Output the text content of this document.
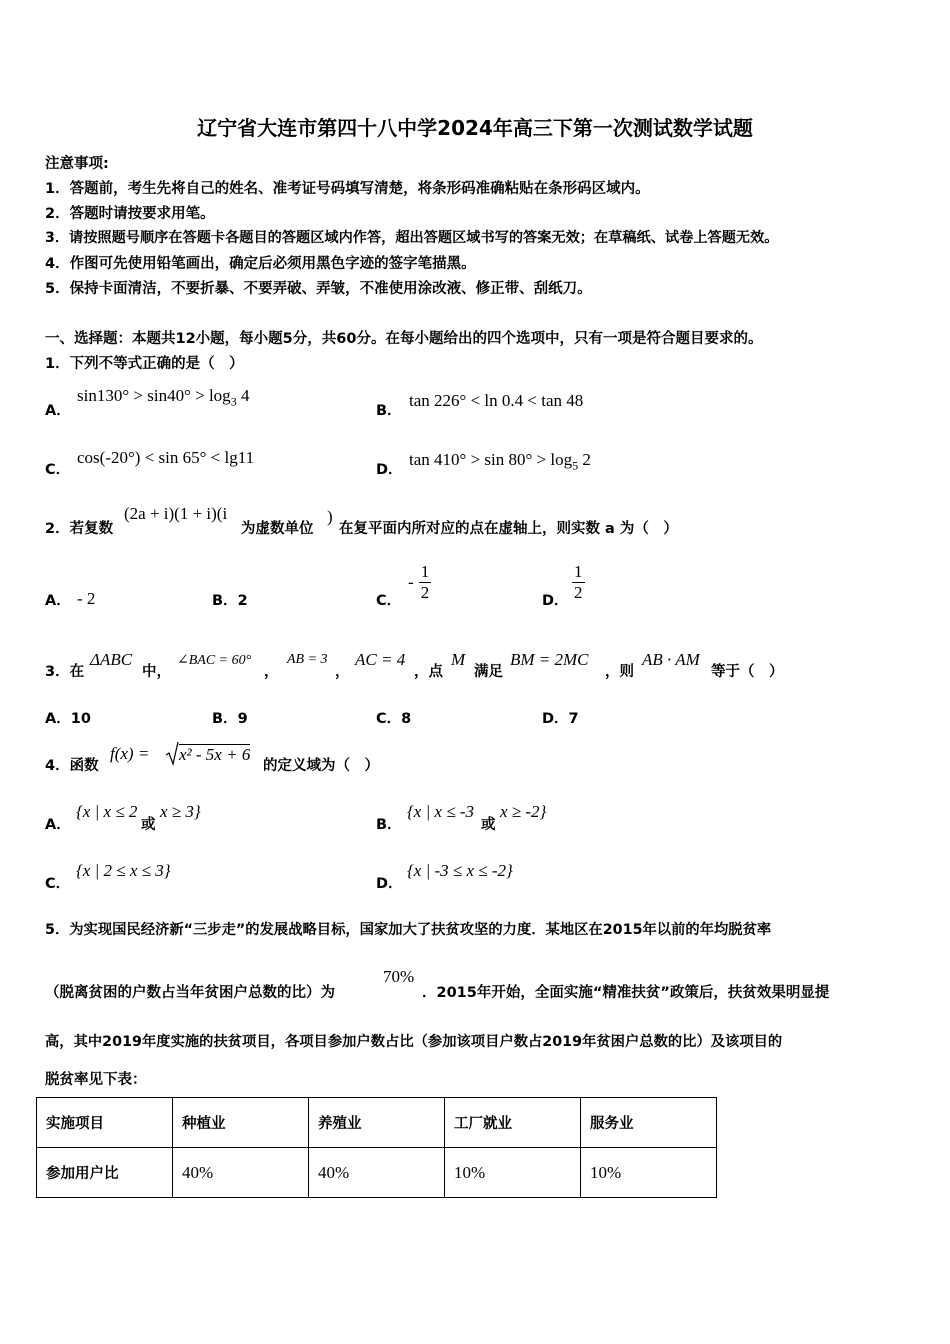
辽宁省大连市第四十八中学2024年高三下第一次测试数学试题
注意事项:
1．答题前，考生先将自己的姓名、准考证号码填写清楚，将条形码准确粘贴在条形码区域内。
2．答题时请按要求用笔。
3．请按照题号顺序在答题卡各题目的答题区域内作答，超出答题区域书写的答案无效；在草稿纸、试卷上答题无效。
4．作图可先使用铅笔画出，确定后必须用黑色字迹的签字笔描黑。
5．保持卡面清洁，不要折暴、不要弄破、弄皱，不准使用涂改液、修正带、刮纸刀。
一、选择题：本题共12小题，每小题5分，共60分。在每小题给出的四个选项中，只有一项是符合题目要求的。
1．下列不等式正确的是（　）
A．
$\sin 130^\circ > \sin 40^\circ > \log_3 4$
B．
tan 226° < ln 0.4 < tan 48
C．
cos(-20°) < sin 65° < lg11
D．
$\tan 410^\circ > \sin 80^\circ > \log_5 2$
2．若复数
(2a + i)(1 + i)(i
为虚数单位
)
在复平面内所对应的点在虚轴上，则实数 a 为（　）
A． - 2	B．2	C．
- $\frac{1}{2}$	D． $\frac{1}{2}$
3．在
ΔABC
中，
∠BAC = 60°
，
AB = 3
，
AC = 4
，点
M
满足
BM = 2MC
，则
AB · AM
等于（　）
A．10	B．9	C．8	D．7
4．函数
f(x) = x² - 5x + 6
的定义域为（　）
A．
{x | x ≤ 2
或
x ≥ 3}
B．
{x | x ≤ -3
或
x ≥ -2}
C．
{x | 2 ≤ x ≤ 3}
D．
{x | -3 ≤ x ≤ -2}
5．为实现国民经济新“三步走”的发展战略目标，国家加大了扶贫攻坚的力度．某地区在2015年以前的年均脱贫率
（脱离贫困的户数占当年贫困户总数的比）为
70%
．2015年开始，全面实施“精准扶贫”政策后，扶贫效果明显提
高，其中2019年度实施的扶贫项目，各项目参加户数占比（参加该项目户数占2019年贫困户总数的比）及该项目的
脱贫率见下表：
实施项目	种植业	养殖业	工厂就业	服务业
参加用户比	40%	40%	10%	10%
